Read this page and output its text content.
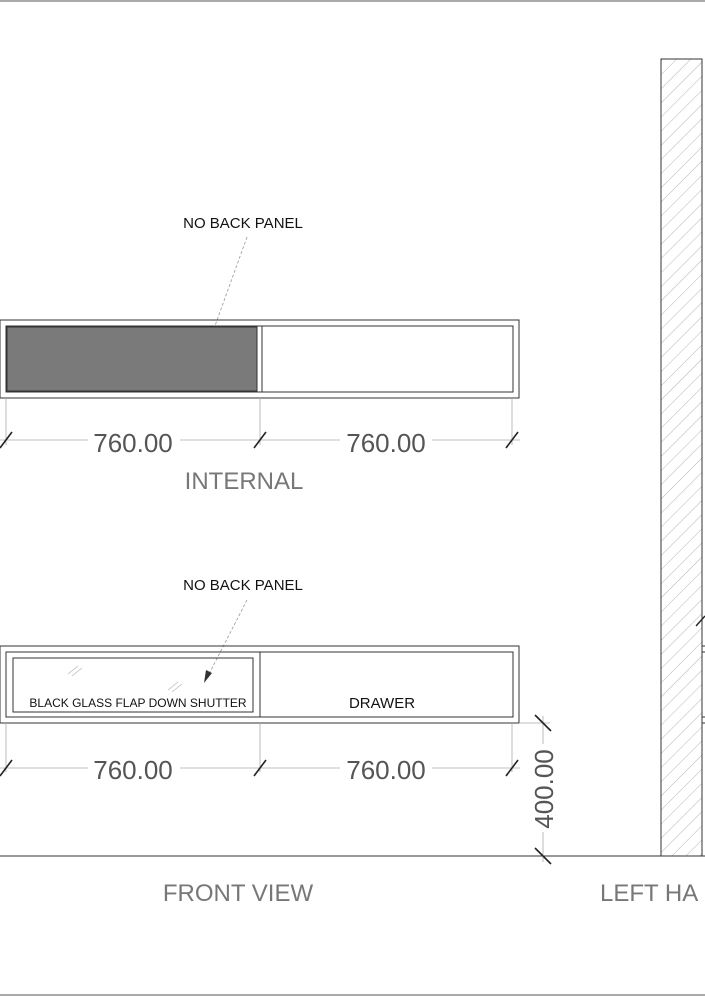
NO BACK PANEL
760.00	760.00
INTERNAL
NO BACK PANEL
BLACK GLASS FLAP DOWN SHUTTER	DRAWER
760.00	760.00	400.00
FRONT VIEW	LEFT HA
